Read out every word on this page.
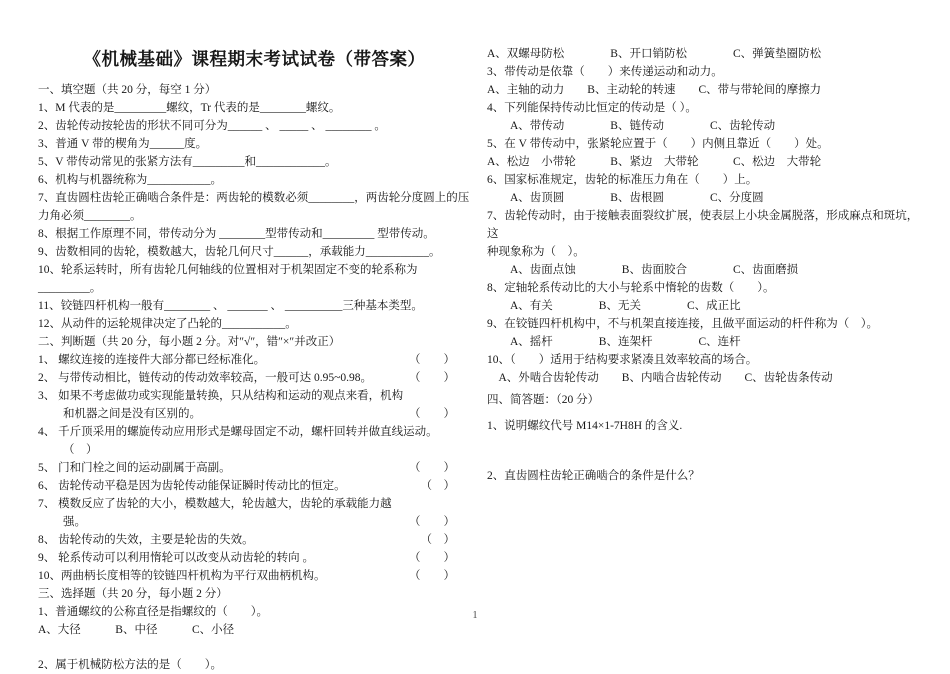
《机械基础》课程期末考试试卷（带答案）

一、填空题（共 20 分，每空 1 分）

1、M 代表的是_________螺纹，Tr 代表的是________螺纹。

2、齿轮传动按轮齿的形状不同可分为______ 、 _____ 、 ________ 。

3、普通 V 带的楔角为______度。

5、V 带传动常见的张紧方法有_________和____________。

6、机构与机器统称为___________。

7、直齿圆柱齿轮正确啮合条件是：两齿轮的模数必须________，两齿轮分度圆上的压力角必须________。

8、根据工作原理不同，带传动分为 ________型带传动和_________ 型带传动。

9、齿数相同的齿轮，模数越大，齿轮几何尺寸______，承载能力___________。

10、轮系运转时，所有齿轮几何轴线的位置相对于机架固定不变的轮系称为_________。

11、铰链四杆机构一般有________ 、 _______ 、 __________三种基本类型。

12、从动件的运轮规律决定了凸轮的___________。

二、判断题（共 20 分，每小题 2 分。对″√″，错″×″并改正）

1、 螺纹连接的连接件大部分都已经标准化。	（　　）
2、 与带传动相比，链传动的传动效率较高，一般可达 0.95~0.98。	（　　）
3、 如果不考虑做功或实现能量转换，只从结构和运动的观点来看，机构和机器之间是没有区别的。	（　　）
4、 千斤顶采用的螺旋传动应用形式是螺母固定不动，螺杆回转并做直线运动。（　）
5、 门和门栓之间的运动副属于高副。	（　　）
6、 齿轮传动平稳是因为齿轮传动能保证瞬时传动比的恒定。	（　）
7、 模数反应了齿轮的大小，模数越大，轮齿越大，齿轮的承载能力越强。	（　　）
8、 齿轮传动的失效，主要是轮齿的失效。	（　）
9、 轮系传动可以利用惰轮可以改变从动齿轮的转向 。	（　　）
10、两曲柄长度相等的铰链四杆机构为平行双曲柄机构。	（　　）

三、选择题（共 20 分，每小题 2 分）

1、普通螺纹的公称直径是指螺纹的（　　）。

A、大径　　　B、中径　　　C、小径

2、属于机械防松方法的是（　　）。

A、双螺母防松　　　　B、开口销防松　　　　C、弹簧垫圈防松

3、带传动是依靠（　　）来传递运动和动力。

A、主轴的动力　　B、主动轮的转速　　C、带与带轮间的摩擦力

4、下列能保持传动比恒定的传动是（ ）。

　　A、带传动　　　　B、链传动　　　　C、齿轮传动

5、在 V 带传动中，张紧轮应置于（　　）内侧且靠近（　　）处。

A、松边　小带轮　　　B、紧边　大带轮　　　C、松边　大带轮

6、国家标准规定，齿轮的标准压力角在（　　）上。

　　A、齿顶圆　　　　B、齿根圆　　　　C、分度圆

7、齿轮传动时，由于接触表面裂纹扩展，使表层上小块金属脱落，形成麻点和斑坑，

这

种现象称为（　）。

　　A、齿面点蚀　　　　B、齿面胶合　　　　C、齿面磨损

8、定轴轮系传动比的大小与轮系中惰轮的齿数（　　）。

　　A、有关　　　　B、无关　　　　C、成正比

9、在铰链四杆机构中，不与机架直接连接，且做平面运动的杆件称为（　）。

　　A、摇杆　　　　B、连架杆　　　　C、连杆

10、（　　）适用于结构要求紧凑且效率较高的场合。

　A、外啮合齿轮传动　　B、内啮合齿轮传动　　C、齿轮齿条传动

四、简答题：（20 分）

1、说明螺纹代号 M14×1-7H8H 的含义.

2、直齿圆柱齿轮正确啮合的条件是什么？

1
